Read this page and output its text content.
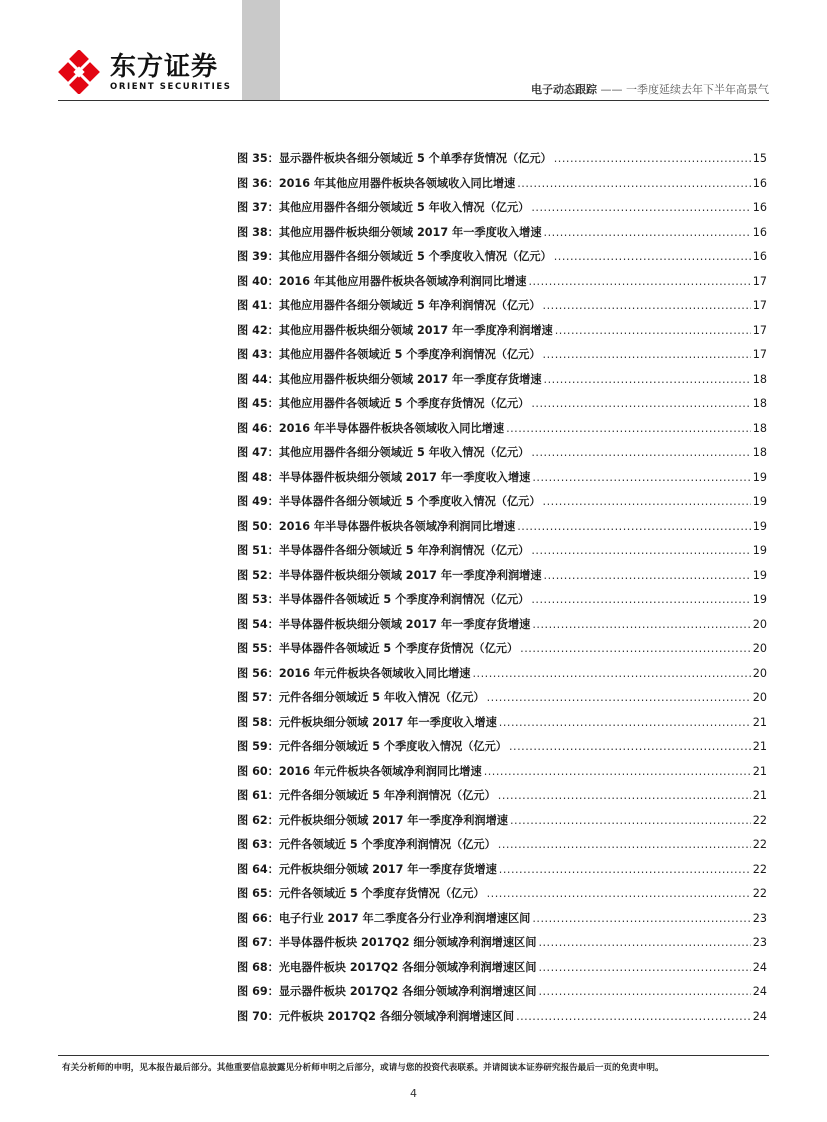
东方证券
ORIENT SECURITIES	电子动态跟踪 —— 一季度延续去年下半年高景气
图 35：显示器件板块各细分领域近 5 个单季存货情况（亿元） .....	15
图 36：2016 年其他应用器件板块各领域收入同比增速 .....	16
图 37：其他应用器件各细分领域近 5 年收入情况（亿元） .....	16
图 38：其他应用器件板块细分领域 2017 年一季度收入增速 .....	16
图 39：其他应用器件各细分领域近 5 个季度收入情况（亿元） .....	16
图 40：2016 年其他应用器件板块各领域净利润同比增速 .....	17
图 41：其他应用器件各细分领域近 5 年净利润情况（亿元） .....	17
图 42：其他应用器件板块细分领域 2017 年一季度净利润增速 .....	17
图 43：其他应用器件各领域近 5 个季度净利润情况（亿元） .....	17
图 44：其他应用器件板块细分领域 2017 年一季度存货增速 .....	18
图 45：其他应用器件各领域近 5 个季度存货情况（亿元） .....	18
图 46：2016 年半导体器件板块各领域收入同比增速 .....	18
图 47：其他应用器件各细分领域近 5 年收入情况（亿元） .....	18
图 48：半导体器件板块细分领域 2017 年一季度收入增速 .....	19
图 49：半导体器件各细分领域近 5 个季度收入情况（亿元） .....	19
图 50：2016 年半导体器件板块各领域净利润同比增速 .....	19
图 51：半导体器件各细分领域近 5 年净利润情况（亿元） .....	19
图 52：半导体器件板块细分领域 2017 年一季度净利润增速 .....	19
图 53：半导体器件各领域近 5 个季度净利润情况（亿元） .....	19
图 54：半导体器件板块细分领域 2017 年一季度存货增速 .....	20
图 55：半导体器件各领域近 5 个季度存货情况（亿元） .....	20
图 56：2016 年元件板块各领域收入同比增速 .....	20
图 57：元件各细分领域近 5 年收入情况（亿元） .....	20
图 58：元件板块细分领域 2017 年一季度收入增速 .....	21
图 59：元件各细分领域近 5 个季度收入情况（亿元） .....	21
图 60：2016 年元件板块各领域净利润同比增速 .....	21
图 61：元件各细分领域近 5 年净利润情况（亿元） .....	21
图 62：元件板块细分领域 2017 年一季度净利润增速 .....	22
图 63：元件各领域近 5 个季度净利润情况（亿元） .....	22
图 64：元件板块细分领域 2017 年一季度存货增速 .....	22
图 65：元件各领域近 5 个季度存货情况（亿元） .....	22
图 66：电子行业 2017 年二季度各分行业净利润增速区间 .....	23
图 67：半导体器件板块 2017Q2 细分领域净利润增速区间 .....	23
图 68：光电器件板块 2017Q2 各细分领域净利润增速区间 .....	24
图 69：显示器件板块 2017Q2 各细分领域净利润增速区间 .....	24
图 70：元件板块 2017Q2 各细分领域净利润增速区间 .....	24
有关分析师的申明，见本报告最后部分。其他重要信息披露见分析师申明之后部分，或请与您的投资代表联系。并请阅读本证券研究报告最后一页的免责申明。
4
